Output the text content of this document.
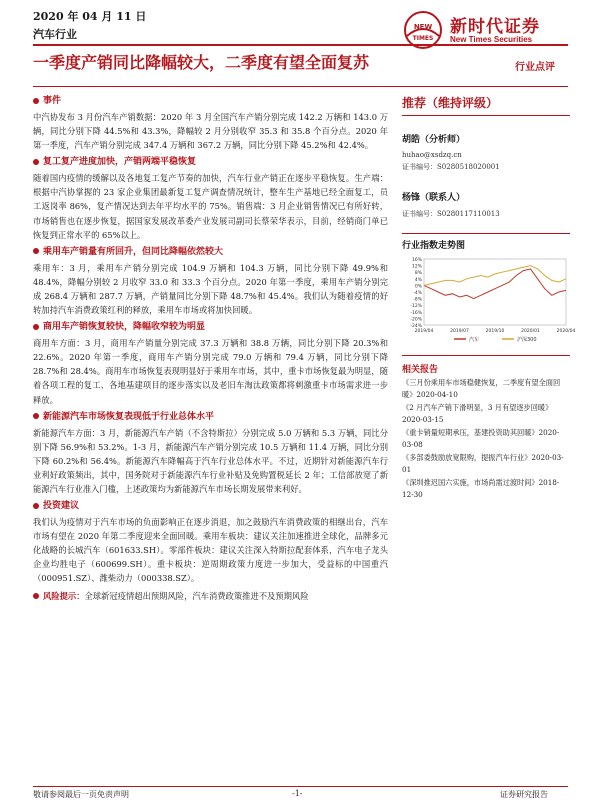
2020 年 04 月 11 日
汽车行业
NEW
TIMES
新时代证券
New Times Securities
一季度产销同比降幅较大，二季度有望全面复苏	行业点评
事件

中汽协发布 3 月份汽车产销数据：2020 年 3 月全国汽车产销分别完成 142.2 万辆和 143.0 万辆，同比分别下降 44.5%和 43.3%，降幅较 2 月分别收窄 35.3 和 35.8 个百分点。2020 年第一季度，汽车产销分别完成 347.4 万辆和 367.2 万辆，同比分别下降 45.2%和 42.4%。

复工复产进度加快，产销两端平稳恢复

随着国内疫情的缓解以及各地复工复产节奏的加快，汽车行业产销正在逐步平稳恢复。生产端：根据中汽协掌握的 23 家企业集团最新复工复产调查情况统计，整车生产基地已经全面复工，员工返岗率 86%，复产情况达到去年平均水平的 75%。销售端：3 月企业销售情况已有所好转，市场销售也在逐步恢复，据国家发展改革委产业发展司副司长蔡荣华表示，目前，经销商门单已恢复到正常水平的 65%以上。

乘用车产销量有所回升，但同比降幅依然较大

乘用车：3 月，乘用车产销分别完成 104.9 万辆和 104.3 万辆，同比分别下降 49.9%和 48.4%，降幅分别较 2 月收窄 33.0 和 33.3 个百分点。2020 年第一季度，乘用车产销分别完成 268.4 万辆和 287.7 万辆，产销量同比分别下降 48.7%和 45.4%。我们认为随着疫情的好转加持汽车消费政策红利的释放，乘用车市场或将加快回暖。

商用车产销恢复较快，降幅收窄较为明显

商用车方面：3 月，商用车产销量分别完成 37.3 万辆和 38.8 万辆，同比分别下降 20.3%和 22.6%。2020 年第一季度，商用车产销分别完成 79.0 万辆和 79.4 万辆，同比分别下降 28.7%和 28.4%。商用车市场恢复表现明显好于乘用车市场，其中，重卡市场恢复最为明显，随着各项工程的复工、各地基建项目的逐步落实以及老旧车淘汰政策都将刺激重卡市场需求进一步释放。

新能源汽车市场恢复表现低于行业总体水平

新能源汽车方面：3 月，新能源汽车产销（不含特斯拉）分别完成 5.0 万辆和 5.3 万辆，同比分别下降 56.9%和 53.2%。1-3 月，新能源汽车产销分别完成 10.5 万辆和 11.4 万辆，同比分别下降 60.2%和 56.4%。新能源汽车降幅高于汽车行业总体水平。不过，近期针对新能源汽车行业利好政策频出，其中，国务院对于新能源汽车行业补贴及免购置税延长 2 年；工信部放宽了新能源汽车行业准入门槛，上述政策均为新能源汽车市场长期发展带来利好。

投资建议

我们认为疫情对于汽车市场的负面影响正在逐步消退，加之鼓励汽车消费政策的相继出台，汽车市场有望在 2020 年第二季度迎来全面回暖。乘用车板块：建议关注加速推进全球化，品牌多元化战略的长城汽车（601633.SH）。零部件板块：建议关注深入特斯拉配套体系，汽车电子龙头企业均胜电子（600699.SH）。重卡板块：逆周期政策力度进一步加大，受益标的中国重汽（000951.SZ）、潍柴动力（000338.SZ）。

风险提示：全球新冠疫情超出预期风险，汽车消费政策推进不及预期风险
推荐（维持评级）
胡皓（分析师）
huhao@xsdzq.cn
证书编号：S0280518020001
杨锋（联系人）
证书编号：S0280117110013
行业指数走势图
16%
12%
8%
4%
0%
-4%
-8%
-12%
-16%
-20%
-24%
2019/04	2019/07	2019/10	2020/01	2020/04
汽车	沪深300
相关报告
《三月份乘用车市场稳健恢复，二季度有望全面回暖》2020-04-10
《2 月汽车产销下滑明显，3 月有望逐步回暖》2020-03-15
《重卡销量短期承压，基建投资助其回暖》2020-03-08
《多部委鼓励放宽限购，提振汽车行业》2020-03-01
《深圳推迟国六实施，市场尚需过渡时间》2018-12-30
敬请参阅最后一页免责声明	-1-	证券研究报告
